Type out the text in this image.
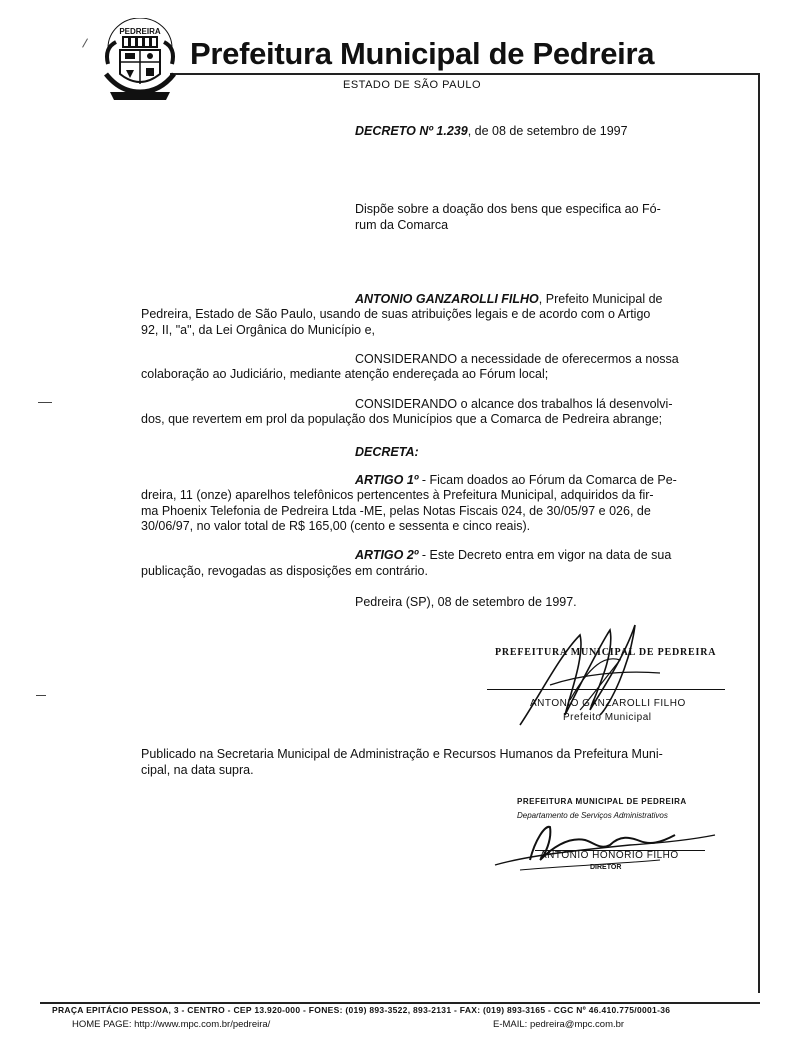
PEDREIRA
Prefeitura Municipal de Pedreira
ESTADO DE SÃO PAULO
DECRETO Nº 1.239, de 08 de setembro de 1997
Dispõe sobre a doação dos bens que especifica ao Fó-
rum da Comarca
ANTONIO GANZAROLLI FILHO, Prefeito Municipal de
Pedreira, Estado de São Paulo, usando de suas atribuições legais e de acordo com o Artigo
92, II, "a", da Lei Orgânica do Município e,
CONSIDERANDO a necessidade de oferecermos a nossa
colaboração ao Judiciário, mediante atenção endereçada ao Fórum local;
CONSIDERANDO o alcance dos trabalhos lá desenvolvi-
dos, que revertem em prol da população dos Municípios que a Comarca de Pedreira abrange;
DECRETA:
ARTIGO 1º - Ficam doados ao Fórum da Comarca de Pe-
dreira, 11 (onze) aparelhos telefônicos pertencentes à Prefeitura Municipal, adquiridos da fir-
ma Phoenix Telefonia de Pedreira Ltda -ME, pelas Notas Fiscais 024, de 30/05/97 e 026, de
30/06/97, no valor total de R$ 165,00 (cento e sessenta e cinco reais).
ARTIGO 2º - Este Decreto entra em vigor na data de sua
publicação, revogadas as disposições em contrário.
Pedreira (SP), 08 de setembro de 1997.
PREFEITURA MUNICIPAL DE PEDREIRA
ANTONIO GANZAROLLI FILHO
Prefeito Municipal
Publicado na Secretaria Municipal de Administração e Recursos Humanos da Prefeitura Muni-
cipal, na data supra.
PREFEITURA MUNICIPAL DE PEDREIRA
Departamento de Serviços Administrativos
ANTONIO HONORIO FILHO
DIRETOR
PRAÇA EPITÁCIO PESSOA, 3 - CENTRO - CEP 13.920-000 - FONES: (019) 893-3522, 893-2131 - FAX: (019) 893-3165 - CGC Nº 46.410.775/0001-36
HOME PAGE: http://www.mpc.com.br/pedreira/	E-MAIL: pedreira@mpc.com.br
